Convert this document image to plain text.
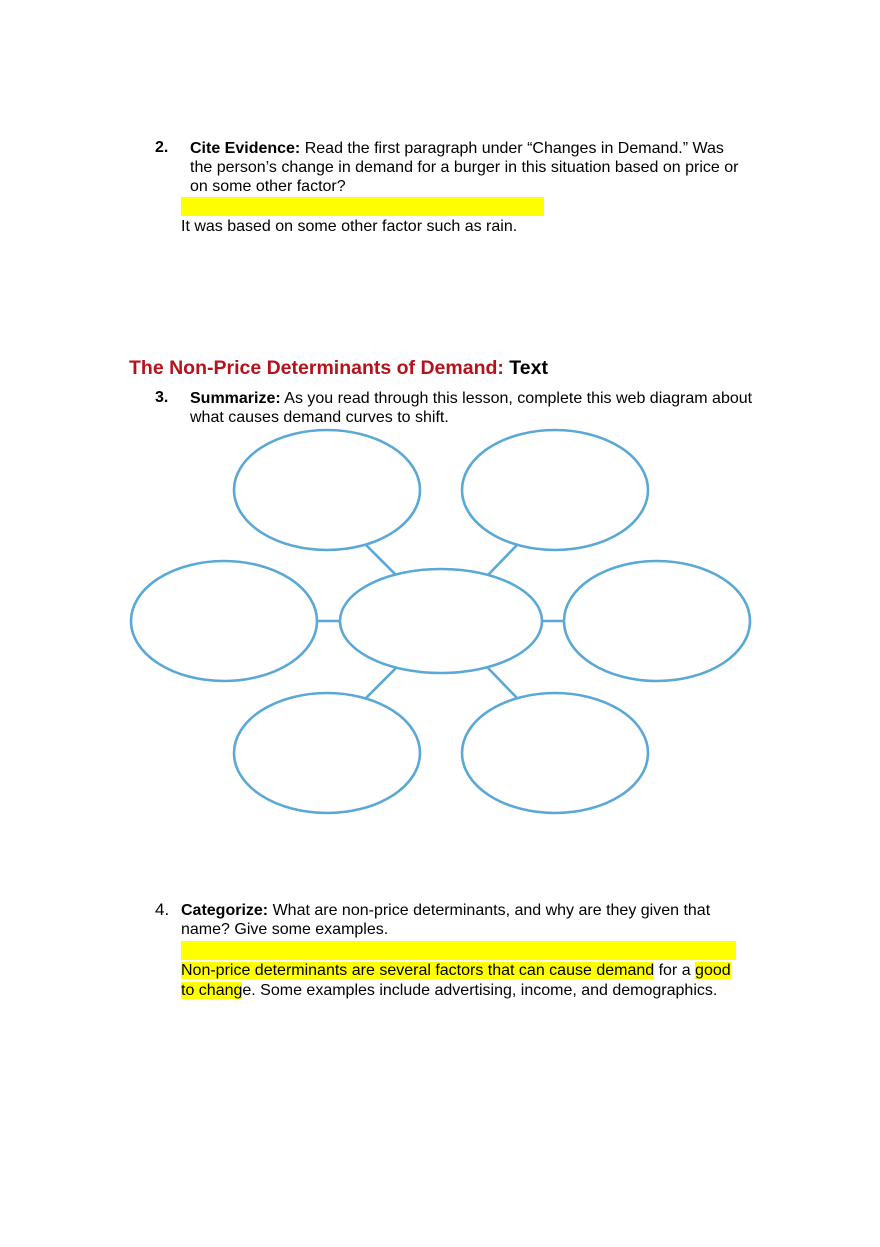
2. Cite Evidence: Read the first paragraph under “Changes in Demand.” Was the person’s change in demand for a burger in this situation based on price or on some other factor?
It was based on some other factor such as rain.
The Non-Price Determinants of Demand: Text
3. Summarize: As you read through this lesson, complete this web diagram about what causes demand curves to shift.
4. Categorize: What are non-price determinants, and why are they given that name? Give some examples.
Non-price determinants are several factors that can cause demand for a good to change. Some examples include advertising, income, and demographics.
